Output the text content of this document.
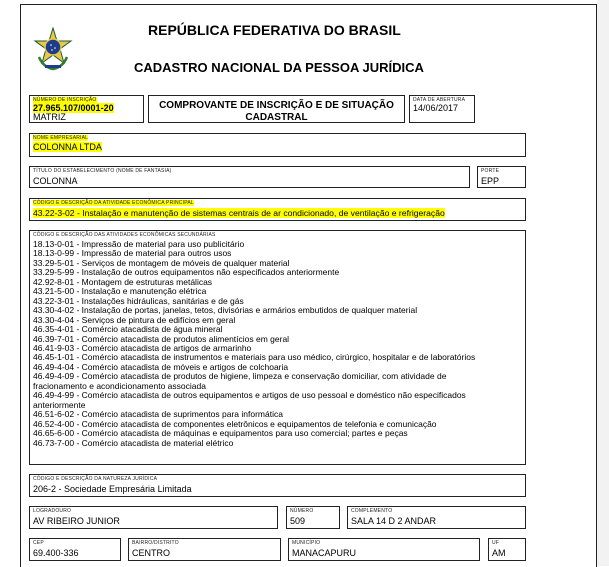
REPÚBLICA FEDERATIVA DO BRASIL
CADASTRO NACIONAL DA PESSOA JURÍDICA
NÚMERO DE INSCRIÇÃO
27.965.107/0001-20
MATRIZ
COMPROVANTE DE INSCRIÇÃO E DE SITUAÇÃO
CADASTRAL
DATA DE ABERTURA
14/06/2017
NOME EMPRESARIAL
COLONNA LTDA
TÍTULO DO ESTABELECIMENTO (NOME DE FANTASIA)
COLONNA
PORTE
EPP
CÓDIGO E DESCRIÇÃO DA ATIVIDADE ECONÔMICA PRINCIPAL
43.22-3-02 - Instalação e manutenção de sistemas centrais de ar condicionado, de ventilação e refrigeração
CÓDIGO E DESCRIÇÃO DAS ATIVIDADES ECONÔMICAS SECUNDÁRIAS
18.13-0-01 - Impressão de material para uso publicitário
18.13-0-99 - Impressão de material para outros usos
33.29-5-01 - Serviços de montagem de móveis de qualquer material
33.29-5-99 - Instalação de outros equipamentos não especificados anteriormente
42.92-8-01 - Montagem de estruturas metálicas
43.21-5-00 - Instalação e manutenção elétrica
43.22-3-01 - Instalações hidráulicas, sanitárias e de gás
43.30-4-02 - Instalação de portas, janelas, tetos, divisórias e armários embutidos de qualquer material
43.30-4-04 - Serviços de pintura de edifícios em geral
46.35-4-01 - Comércio atacadista de água mineral
46.39-7-01 - Comércio atacadista de produtos alimentícios em geral
46.41-9-03 - Comércio atacadista de artigos de armarinho
46.45-1-01 - Comércio atacadista de instrumentos e materiais para uso médico, cirúrgico, hospitalar e de laboratórios
46.49-4-04 - Comércio atacadista de móveis e artigos de colchoaria
46.49-4-09 - Comércio atacadista de produtos de higiene, limpeza e conservação domiciliar, com atividade de
fracionamento e acondicionamento associada
46.49-4-99 - Comércio atacadista de outros equipamentos e artigos de uso pessoal e doméstico não especificados
anteriormente
46.51-6-02 - Comércio atacadista de suprimentos para informática
46.52-4-00 - Comércio atacadista de componentes eletrônicos e equipamentos de telefonia e comunicação
46.65-6-00 - Comércio atacadista de máquinas e equipamentos para uso comercial; partes e peças
46.73-7-00 - Comércio atacadista de material elétrico
CÓDIGO E DESCRIÇÃO DA NATUREZA JURÍDICA
206-2 - Sociedade Empresária Limitada
LOGRADOURO
AV RIBEIRO JUNIOR
NÚMERO
509
COMPLEMENTO
SALA 14 D 2 ANDAR
CEP
69.400-336
BAIRRO/DISTRITO
CENTRO
MUNICÍPIO
MANACAPURU
UF
AM
